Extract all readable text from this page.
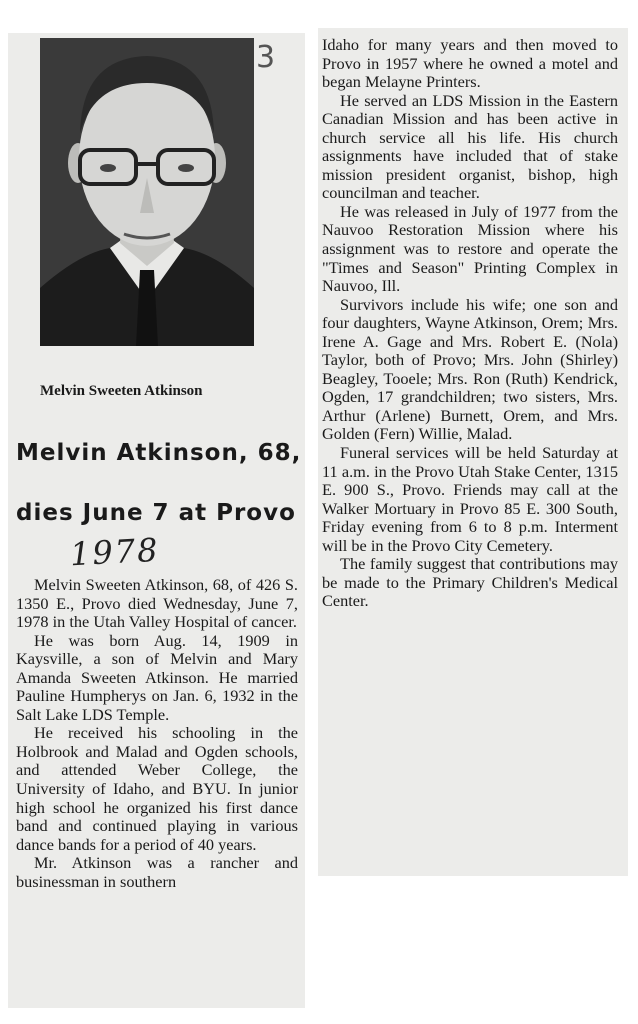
3

Melvin Sweeten Atkinson

Melvin Atkinson, 68,
dies June 7 at Provo
1978

Melvin Sweeten Atkinson, 68, of 426 S. 1350 E., Provo died Wednesday, June 7, 1978 in the Utah Valley Hospital of cancer.

He was born Aug. 14, 1909 in Kaysville, a son of Melvin and Mary Amanda Sweeten Atkinson. He married Pauline Humpherys on Jan. 6, 1932 in the Salt Lake LDS Temple.

He received his schooling in the Holbrook and Malad and Ogden schools, and attended Weber College, the University of Idaho, and BYU. In junior high school he organized his first dance band and continued playing in various dance bands for a period of 40 years.

Mr. Atkinson was a rancher and businessman in southern

Idaho for many years and then moved to Provo in 1957 where he owned a motel and began Melayne Printers.

He served an LDS Mission in the Eastern Canadian Mission and has been active in church service all his life. His church assignments have included that of stake mission president organist, bishop, high councilman and teacher.

He was released in July of 1977 from the Nauvoo Restoration Mission where his assignment was to restore and operate the "Times and Season" Printing Complex in Nauvoo, Ill.

Survivors include his wife; one son and four daughters, Wayne Atkinson, Orem; Mrs. Irene A. Gage and Mrs. Robert E. (Nola) Taylor, both of Provo; Mrs. John (Shirley) Beagley, Tooele; Mrs. Ron (Ruth) Kendrick, Ogden, 17 grandchildren; two sisters, Mrs. Arthur (Arlene) Burnett, Orem, and Mrs. Golden (Fern) Willie, Malad.

Funeral services will be held Saturday at 11 a.m. in the Provo Utah Stake Center, 1315 E. 900 S., Provo. Friends may call at the Walker Mortuary in Provo 85 E. 300 South, Friday evening from 6 to 8 p.m. Interment will be in the Provo City Cemetery.

The family suggest that contributions may be made to the Primary Children's Medical Center.
